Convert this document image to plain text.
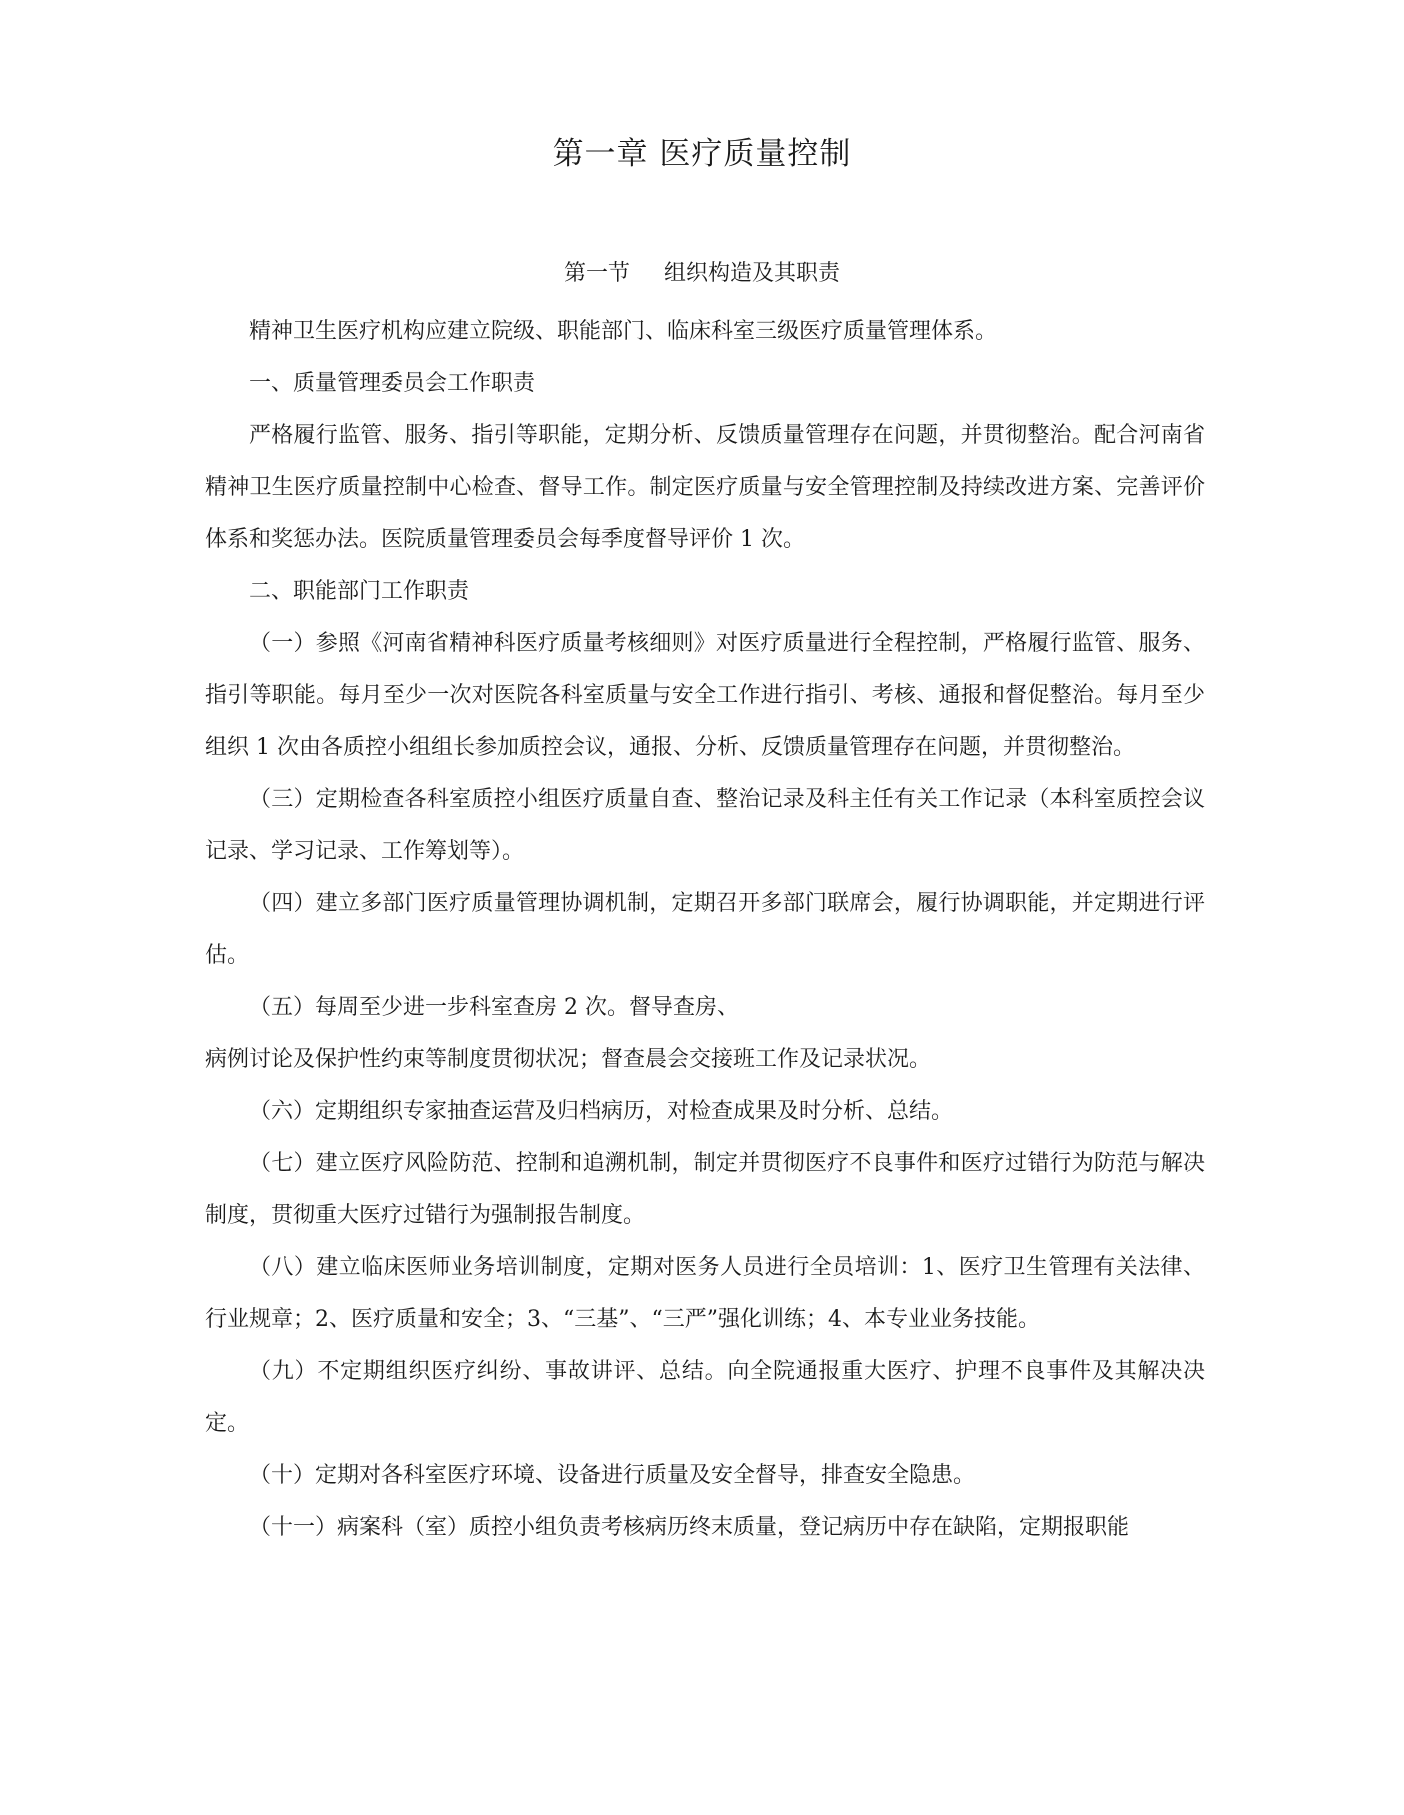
第一章 医疗质量控制
第一节 组织构造及其职责

精神卫生医疗机构应建立院级、职能部门、临床科室三级医疗质量管理体系。

一、质量管理委员会工作职责

严格履行监管、服务、指引等职能，定期分析、反馈质量管理存在问题，并贯彻整治。配合河南省精神卫生医疗质量控制中心检查、督导工作。制定医疗质量与安全管理控制及持续改进方案、完善评价体系和奖惩办法。医院质量管理委员会每季度督导评价 1 次。

二、职能部门工作职责

（一）参照《河南省精神科医疗质量考核细则》对医疗质量进行全程控制，严格履行监管、服务、指引等职能。每月至少一次对医院各科室质量与安全工作进行指引、考核、通报和督促整治。每月至少组织 1 次由各质控小组组长参加质控会议，通报、分析、反馈质量管理存在问题，并贯彻整治。

（三）定期检查各科室质控小组医疗质量自查、整治记录及科主任有关工作记录（本科室质控会议记录、学习记录、工作筹划等）。

（四）建立多部门医疗质量管理协调机制，定期召开多部门联席会，履行协调职能，并定期进行评估。

（五）每周至少进一步科室查房 2 次。督导查房、

病例讨论及保护性约束等制度贯彻状况；督查晨会交接班工作及记录状况。

（六）定期组织专家抽查运营及归档病历，对检查成果及时分析、总结。

（七）建立医疗风险防范、控制和追溯机制，制定并贯彻医疗不良事件和医疗过错行为防范与解决制度，贯彻重大医疗过错行为强制报告制度。

（八）建立临床医师业务培训制度，定期对医务人员进行全员培训：1、医疗卫生管理有关法律、行业规章；2、医疗质量和安全；3、“三基”、“三严”强化训练；4、本专业业务技能。

（九）不定期组织医疗纠纷、事故讲评、总结。向全院通报重大医疗、护理不良事件及其解决决定。

（十）定期对各科室医疗环境、设备进行质量及安全督导，排查安全隐患。

（十一）病案科（室）质控小组负责考核病历终末质量，登记病历中存在缺陷，定期报职能
